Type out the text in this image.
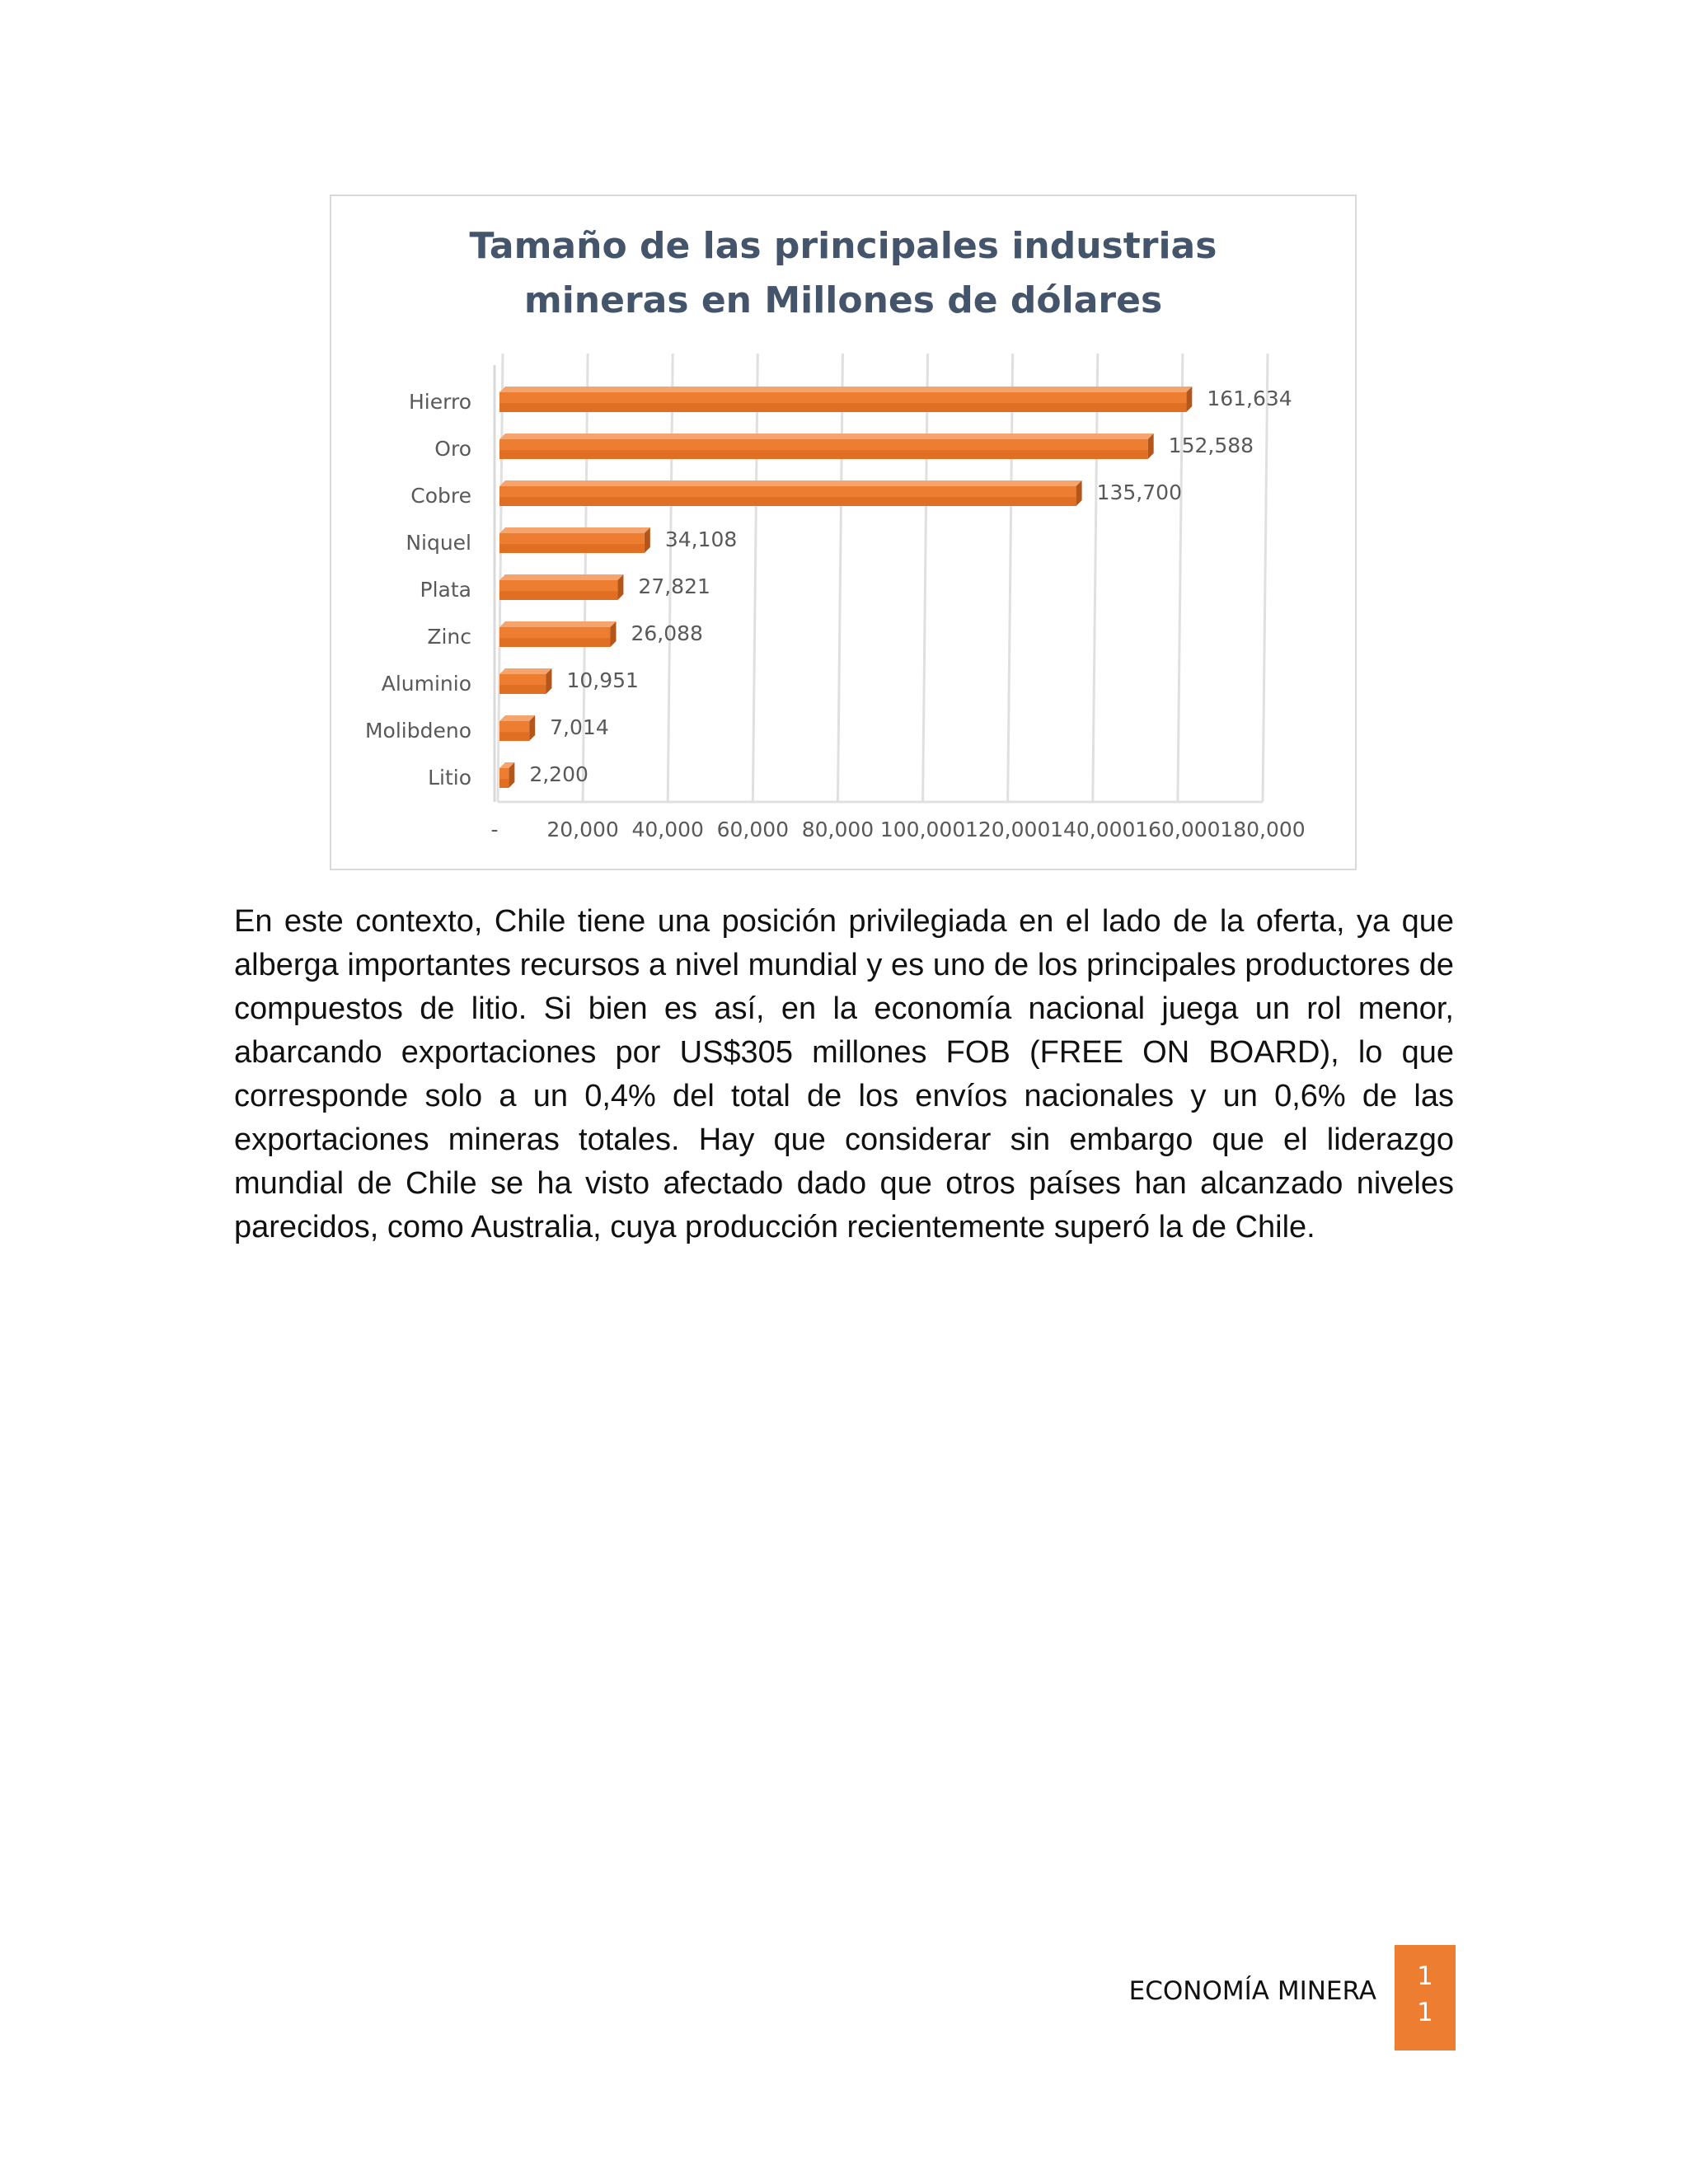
Tamaño de las principales industrias
mineras en Millones de dólares
- 20,000 40,000 60,000 80,000 100,000 120,000 140,000 160,000 180,000
Hierro	161,634
Oro	152,588
Cobre	135,700
Niquel	34,108
Plata	27,821
Zinc	26,088
Aluminio	10,951
Molibdeno	7,014
Litio	2,200

En este contexto, Chile tiene una posición privilegiada en el lado de la oferta, ya que alberga importantes recursos a nivel mundial y es uno de los principales productores de compuestos de litio. Si bien es así, en la economía nacional juega un rol menor, abarcando exportaciones por US$305 millones FOB (FREE ON BOARD), lo que corresponde solo a un 0,4% del total de los envíos nacionales y un 0,6% de las exportaciones mineras totales. Hay que considerar sin embargo que el liderazgo mundial de Chile se ha visto afectado dado que otros países han alcanzado niveles parecidos, como Australia, cuya producción recientemente superó la de Chile.

ECONOMÍA MINERA	1
1
